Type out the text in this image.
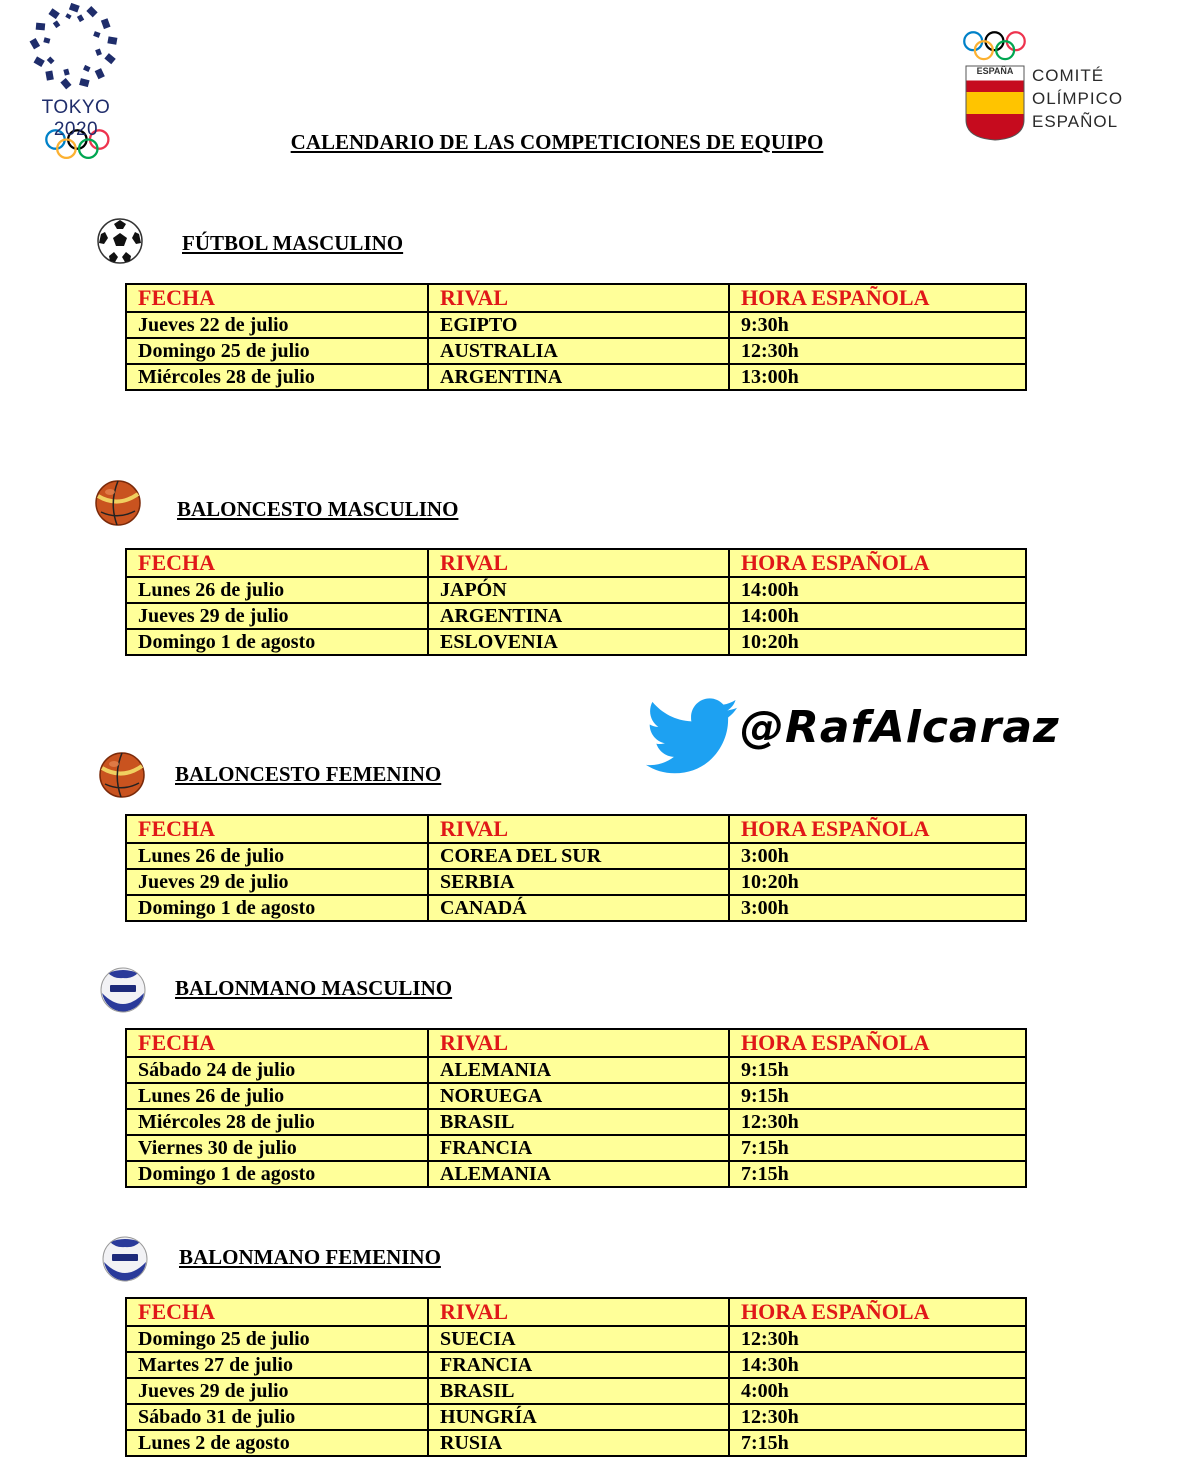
TOKYO 2020
ESPAÑA	COMITÉ
OLÍMPICO
ESPAÑOL
CALENDARIO DE LAS COMPETICIONES DE EQUIPO
FÚTBOL MASCULINO
FECHA	RIVAL	HORA ESPAÑOLA
Jueves 22 de julio	EGIPTO	9:30h
Domingo 25 de julio	AUSTRALIA	12:30h
Miércoles 28 de julio	ARGENTINA	13:00h
BALONCESTO MASCULINO
FECHA	RIVAL	HORA ESPAÑOLA
Lunes 26 de julio	JAPÓN	14:00h
Jueves 29 de julio	ARGENTINA	14:00h
Domingo 1 de agosto	ESLOVENIA	10:20h
@RafAlcaraz
BALONCESTO FEMENINO
FECHA	RIVAL	HORA ESPAÑOLA
Lunes 26 de julio	COREA DEL SUR	3:00h
Jueves 29 de julio	SERBIA	10:20h
Domingo 1 de agosto	CANADÁ	3:00h
BALONMANO MASCULINO
FECHA	RIVAL	HORA ESPAÑOLA
Sábado 24 de julio	ALEMANIA	9:15h
Lunes 26 de julio	NORUEGA	9:15h
Miércoles 28 de julio	BRASIL	12:30h
Viernes 30 de julio	FRANCIA	7:15h
Domingo 1 de agosto	ALEMANIA	7:15h
BALONMANO FEMENINO
FECHA	RIVAL	HORA ESPAÑOLA
Domingo 25 de julio	SUECIA	12:30h
Martes 27 de julio	FRANCIA	14:30h
Jueves 29 de julio	BRASIL	4:00h
Sábado 31 de julio	HUNGRÍA	12:30h
Lunes 2 de agosto	RUSIA	7:15h
